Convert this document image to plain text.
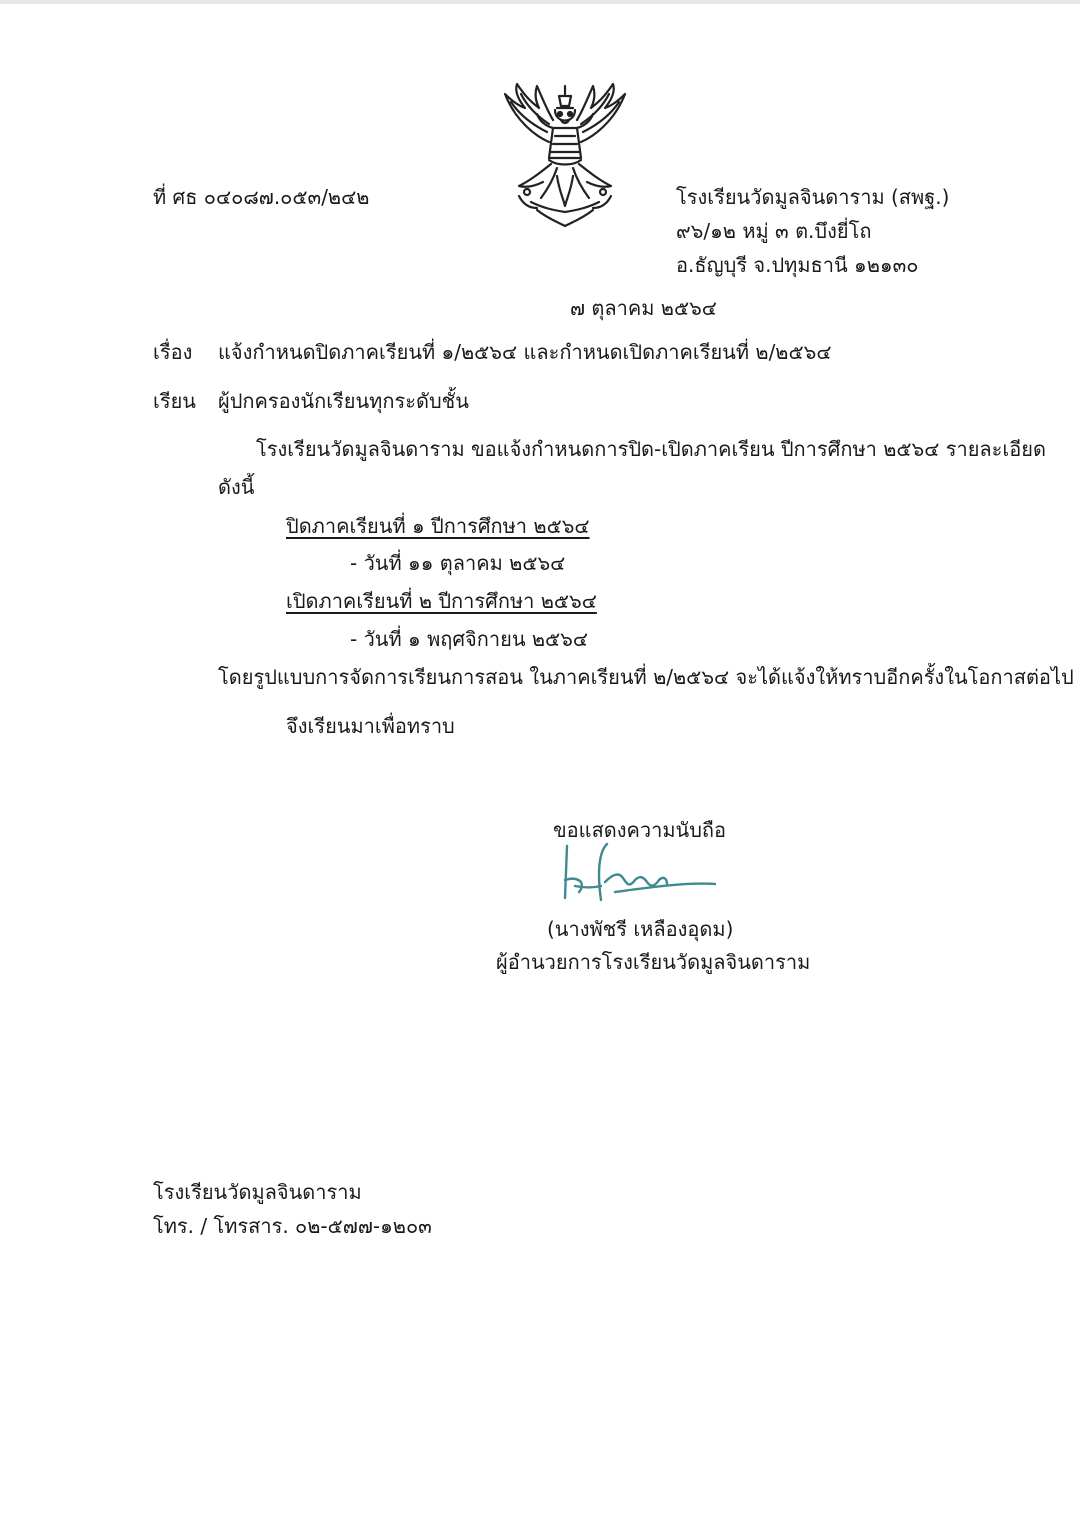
ที่ ศธ ๐๔๐๘๗.๐๕๓/๒๔๒	โรงเรียนวัดมูลจินดาราม (สพฐ.)
๙๖/๑๒ หมู่ ๓ ต.บึงยี่โถ
อ.ธัญบุรี จ.ปทุมธานี ๑๒๑๓๐
๗ ตุลาคม ๒๕๖๔
เรื่อง แจ้งกำหนดปิดภาคเรียนที่ ๑/๒๕๖๔ และกำหนดเปิดภาคเรียนที่ ๒/๒๕๖๔
เรียน ผู้ปกครองนักเรียนทุกระดับชั้น
โรงเรียนวัดมูลจินดาราม ขอแจ้งกำหนดการปิด-เปิดภาคเรียน ปีการศึกษา ๒๕๖๔ รายละเอียด
ดังนี้
ปิดภาคเรียนที่ ๑ ปีการศึกษา ๒๕๖๔
- วันที่ ๑๑ ตุลาคม ๒๕๖๔
เปิดภาคเรียนที่ ๒ ปีการศึกษา ๒๕๖๔
- วันที่ ๑ พฤศจิกายน ๒๕๖๔
โดยรูปแบบการจัดการเรียนการสอน ในภาคเรียนที่ ๒/๒๕๖๔ จะได้แจ้งให้ทราบอีกครั้งในโอกาสต่อไป
จึงเรียนมาเพื่อทราบ
ขอแสดงความนับถือ
(นางพัชรี เหลืองอุดม)
ผู้อำนวยการโรงเรียนวัดมูลจินดาราม
โรงเรียนวัดมูลจินดาราม
โทร. / โทรสาร. ๐๒-๕๗๗-๑๒๐๓
